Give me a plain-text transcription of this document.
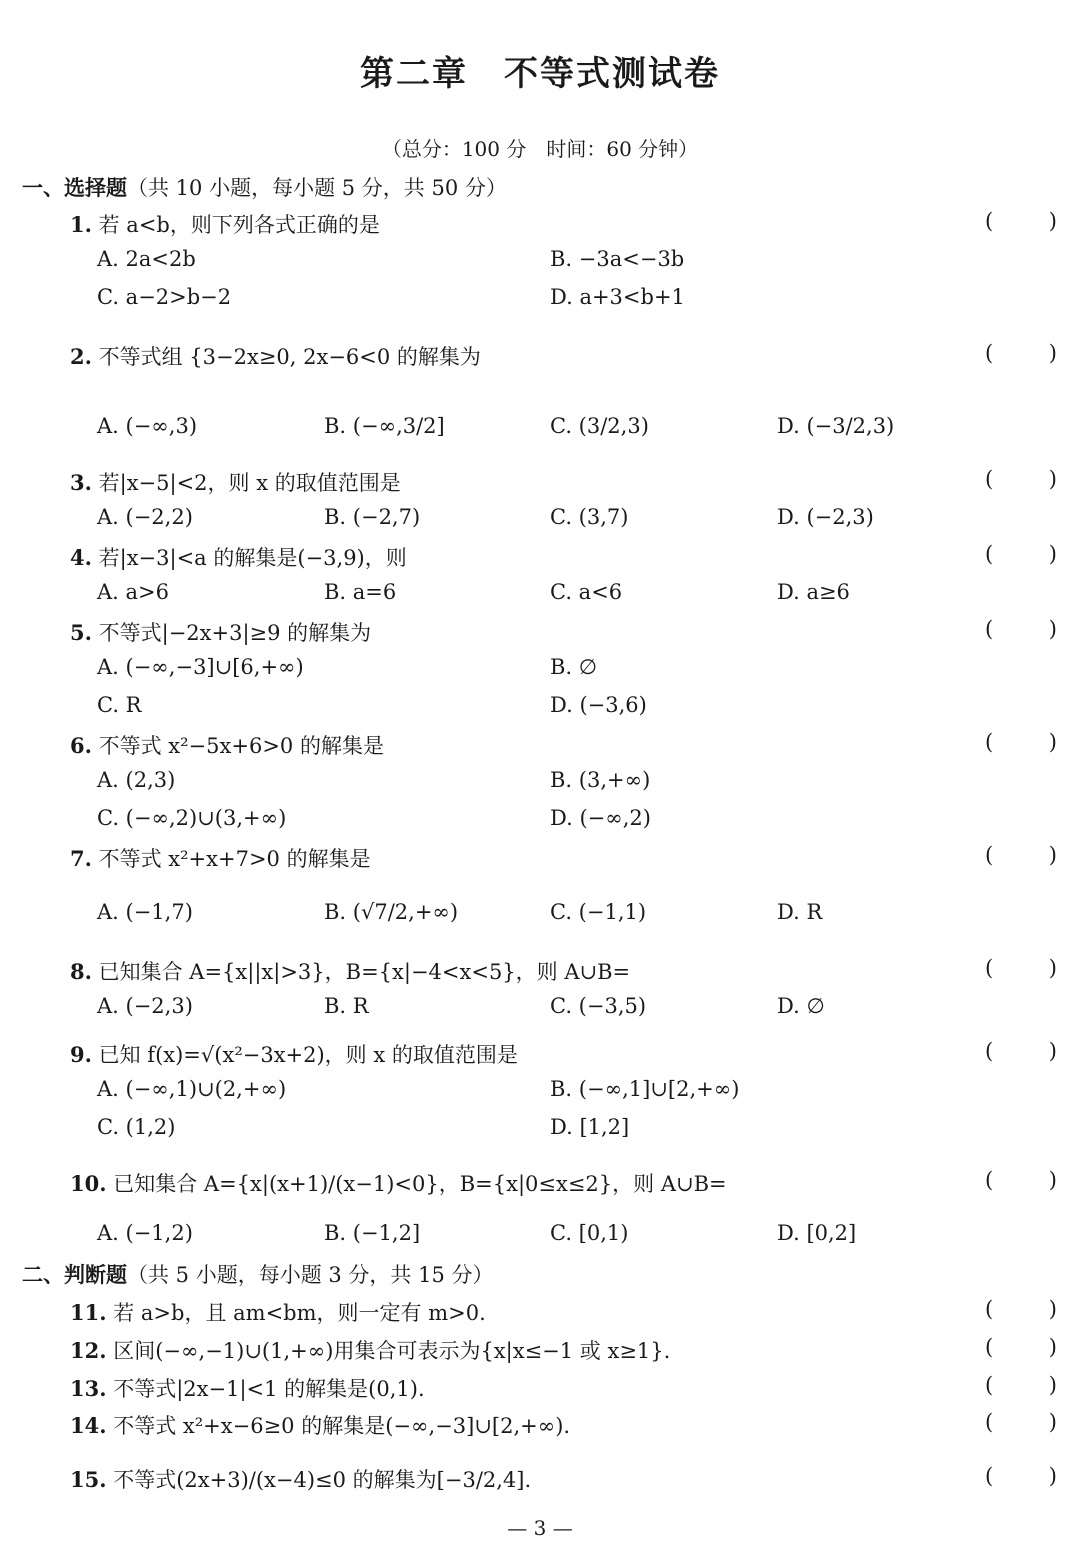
第二章　不等式测试卷
（总分：100 分　时间：60 分钟）
一、选择题（共 10 小题，每小题 5 分，共 50 分）
1. 若 a<b，则下列各式正确的是	(	)
A. 2a<2b	B. −3a<−3b
C. a−2>b−2	D. a+3<b+1
2. 不等式组 {3−2x≥0, 2x−6<0 的解集为	(	)
A. (−∞,3)	B. (−∞,3/2]	C. (3/2,3)	D. (−3/2,3)
3. 若|x−5|<2，则 x 的取值范围是	(	)
A. (−2,2)	B. (−2,7)	C. (3,7)	D. (−2,3)
4. 若|x−3|<a 的解集是(−3,9)，则	(	)
A. a>6	B. a=6	C. a<6	D. a≥6
5. 不等式|−2x+3|≥9 的解集为	(	)
A. (−∞,−3]∪[6,+∞)	B. ∅
C. R	D. (−3,6)
6. 不等式 x²−5x+6>0 的解集是	(	)
A. (2,3)	B. (3,+∞)
C. (−∞,2)∪(3,+∞)	D. (−∞,2)
7. 不等式 x²+x+7>0 的解集是	(	)
A. (−1,7)	B. (√7/2,+∞)	C. (−1,1)	D. R
8. 已知集合 A={x||x|>3}，B={x|−4<x<5}，则 A∪B=	(	)
A. (−2,3)	B. R	C. (−3,5)	D. ∅
9. 已知 f(x)=√(x²−3x+2)，则 x 的取值范围是	(	)
A. (−∞,1)∪(2,+∞)	B. (−∞,1]∪[2,+∞)
C. (1,2)	D. [1,2]
10. 已知集合 A={x|(x+1)/(x−1)<0}，B={x|0≤x≤2}，则 A∪B=	(	)
A. (−1,2)	B. (−1,2]	C. [0,1)	D. [0,2]
二、判断题（共 5 小题，每小题 3 分，共 15 分）
11. 若 a>b，且 am<bm，则一定有 m>0.	(	)
12. 区间(−∞,−1)∪(1,+∞)用集合可表示为{x|x≤−1 或 x≥1}.	(	)
13. 不等式|2x−1|<1 的解集是(0,1).	(	)
14. 不等式 x²+x−6≥0 的解集是(−∞,−3]∪[2,+∞).	(	)
15. 不等式(2x+3)/(x−4)≤0 的解集为[−3/2,4].	(	)
— 3 —
